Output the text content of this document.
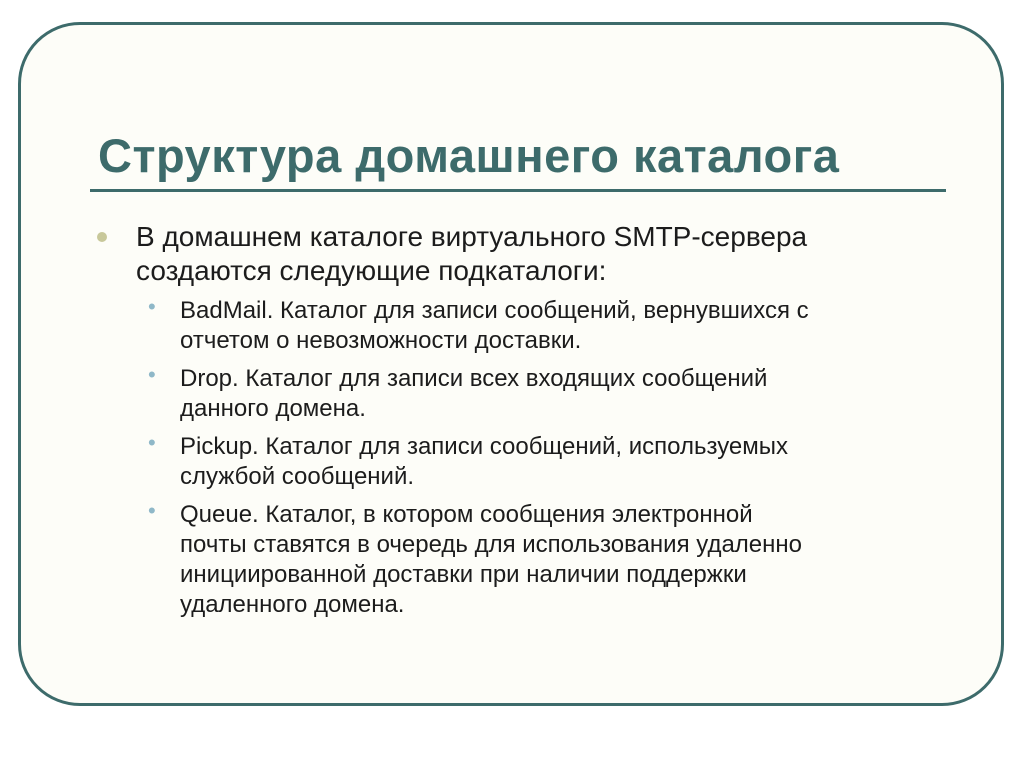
Структура домашнего каталога
В домашнем каталоге виртуального SMTP-сервера
создаются следующие подкаталоги:
• BadMail. Каталог для записи сообщений, вернувшихся с
отчетом о невозможности доставки.
• Drop. Каталог для записи всех входящих сообщений
данного домена.
• Pickup. Каталог для записи сообщений, используемых
службой сообщений.
• Queue. Каталог, в котором сообщения электронной
почты ставятся в очередь для использования удаленно
инициированной доставки при наличии поддержки
удаленного домена.
